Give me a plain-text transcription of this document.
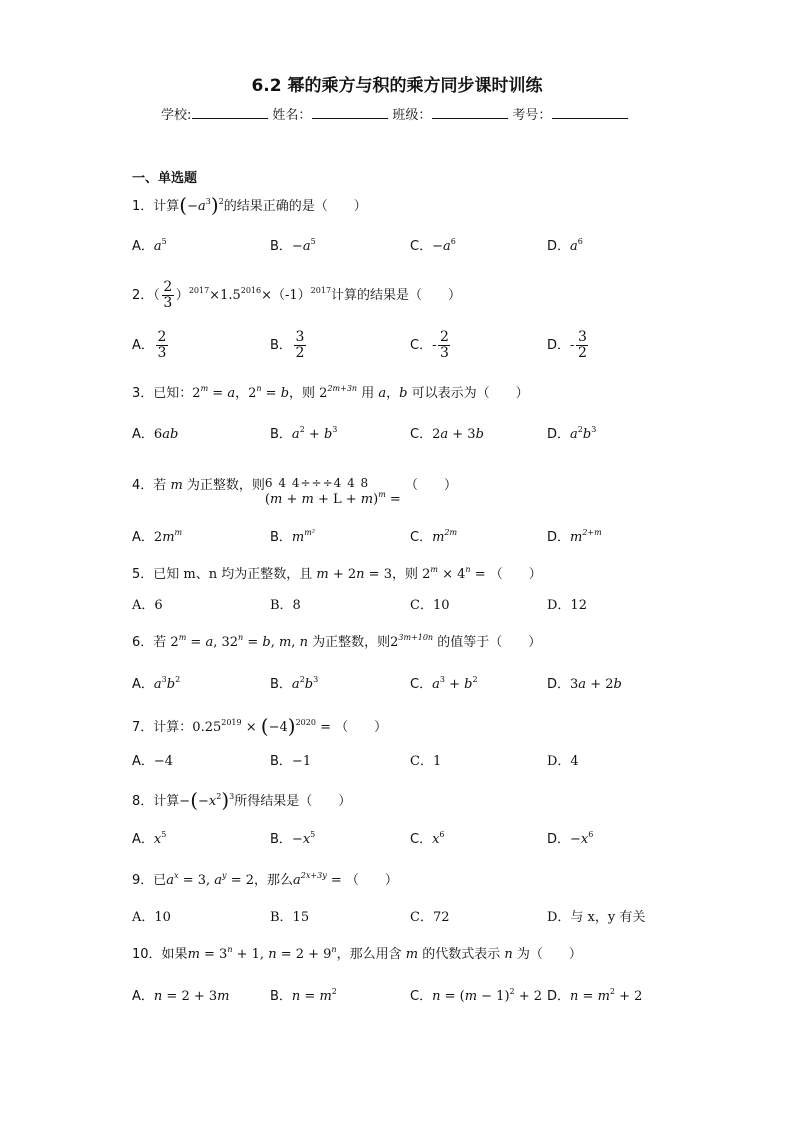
6.2 幂的乘方与积的乘方同步课时训练
学校:	姓名：	班级：	考号：
一、单选题
1．计算$(-a^3)^2$的结果正确的是（　　）
A．$a^5$	B．$-a^5$	C．$-a^6$	D．$a^6$
2．（ $\frac{2}{3} )^{2017}\times 1.5^{2016}\times(-1)^{2017}$计算的结果是（　　）
A． $\frac{2}{3}$	B． $\frac{3}{2}$	C．- $\frac{2}{3}$	D．- $\frac{3}{2}$
3．已知：$2^m = a$，$2^n = b$，则 $2^{2m+3n}$ 用 a，b 可以表示为（　　）
A．6ab	B．$a^2 + b^3$	C．2a + 3b	D．$a^2b^3$
4．若 m 为正整数，则6 4 4÷÷÷4 4 8
$(m + m + L + m)^m$ = （　　）
A．$2m^m$	B．$m^{m^2}$	C．$m^{2m}$	D．$m^{2+m}$
5．已知 m、n 均为正整数，且 m + 2n = 3，则 $2^m \times 4^n$ = （　　）
A．6	B．8	C．10	D．12
6．若 $2^m = a$, $32^n = b$, m, n 为正整数，则$2^{3m+10n}$ 的值等于（　　）
A．$a^3b^2$	B．$a^2b^3$	C．$a^3 + b^2$	D．3a + 2b
7．计算：$0.25^{2019} \times (-4)^{2020}$ = （　　）
A．−4	B．−1	C．1	D．4
8．计算$-(-x^2)^3$所得结果是（　　）
A．$x^5$	B．$-x^5$	C．$x^6$	D．$-x^6$
9．已$a^x = 3$, $a^y = 2$，那么$a^{2x+3y}$ = （　　）
A．10	B．15	C．72	D．与 x，y 有关
10．如果$m = 3^n + 1$, $n = 2 + 9^n$，那么用含 m 的代数式表示 n 为（　　）
A．n = 2 + 3m	B．$n = m^2$	C．$n = (m - 1)^2 + 2$ D．$n = m^2 + 2$
